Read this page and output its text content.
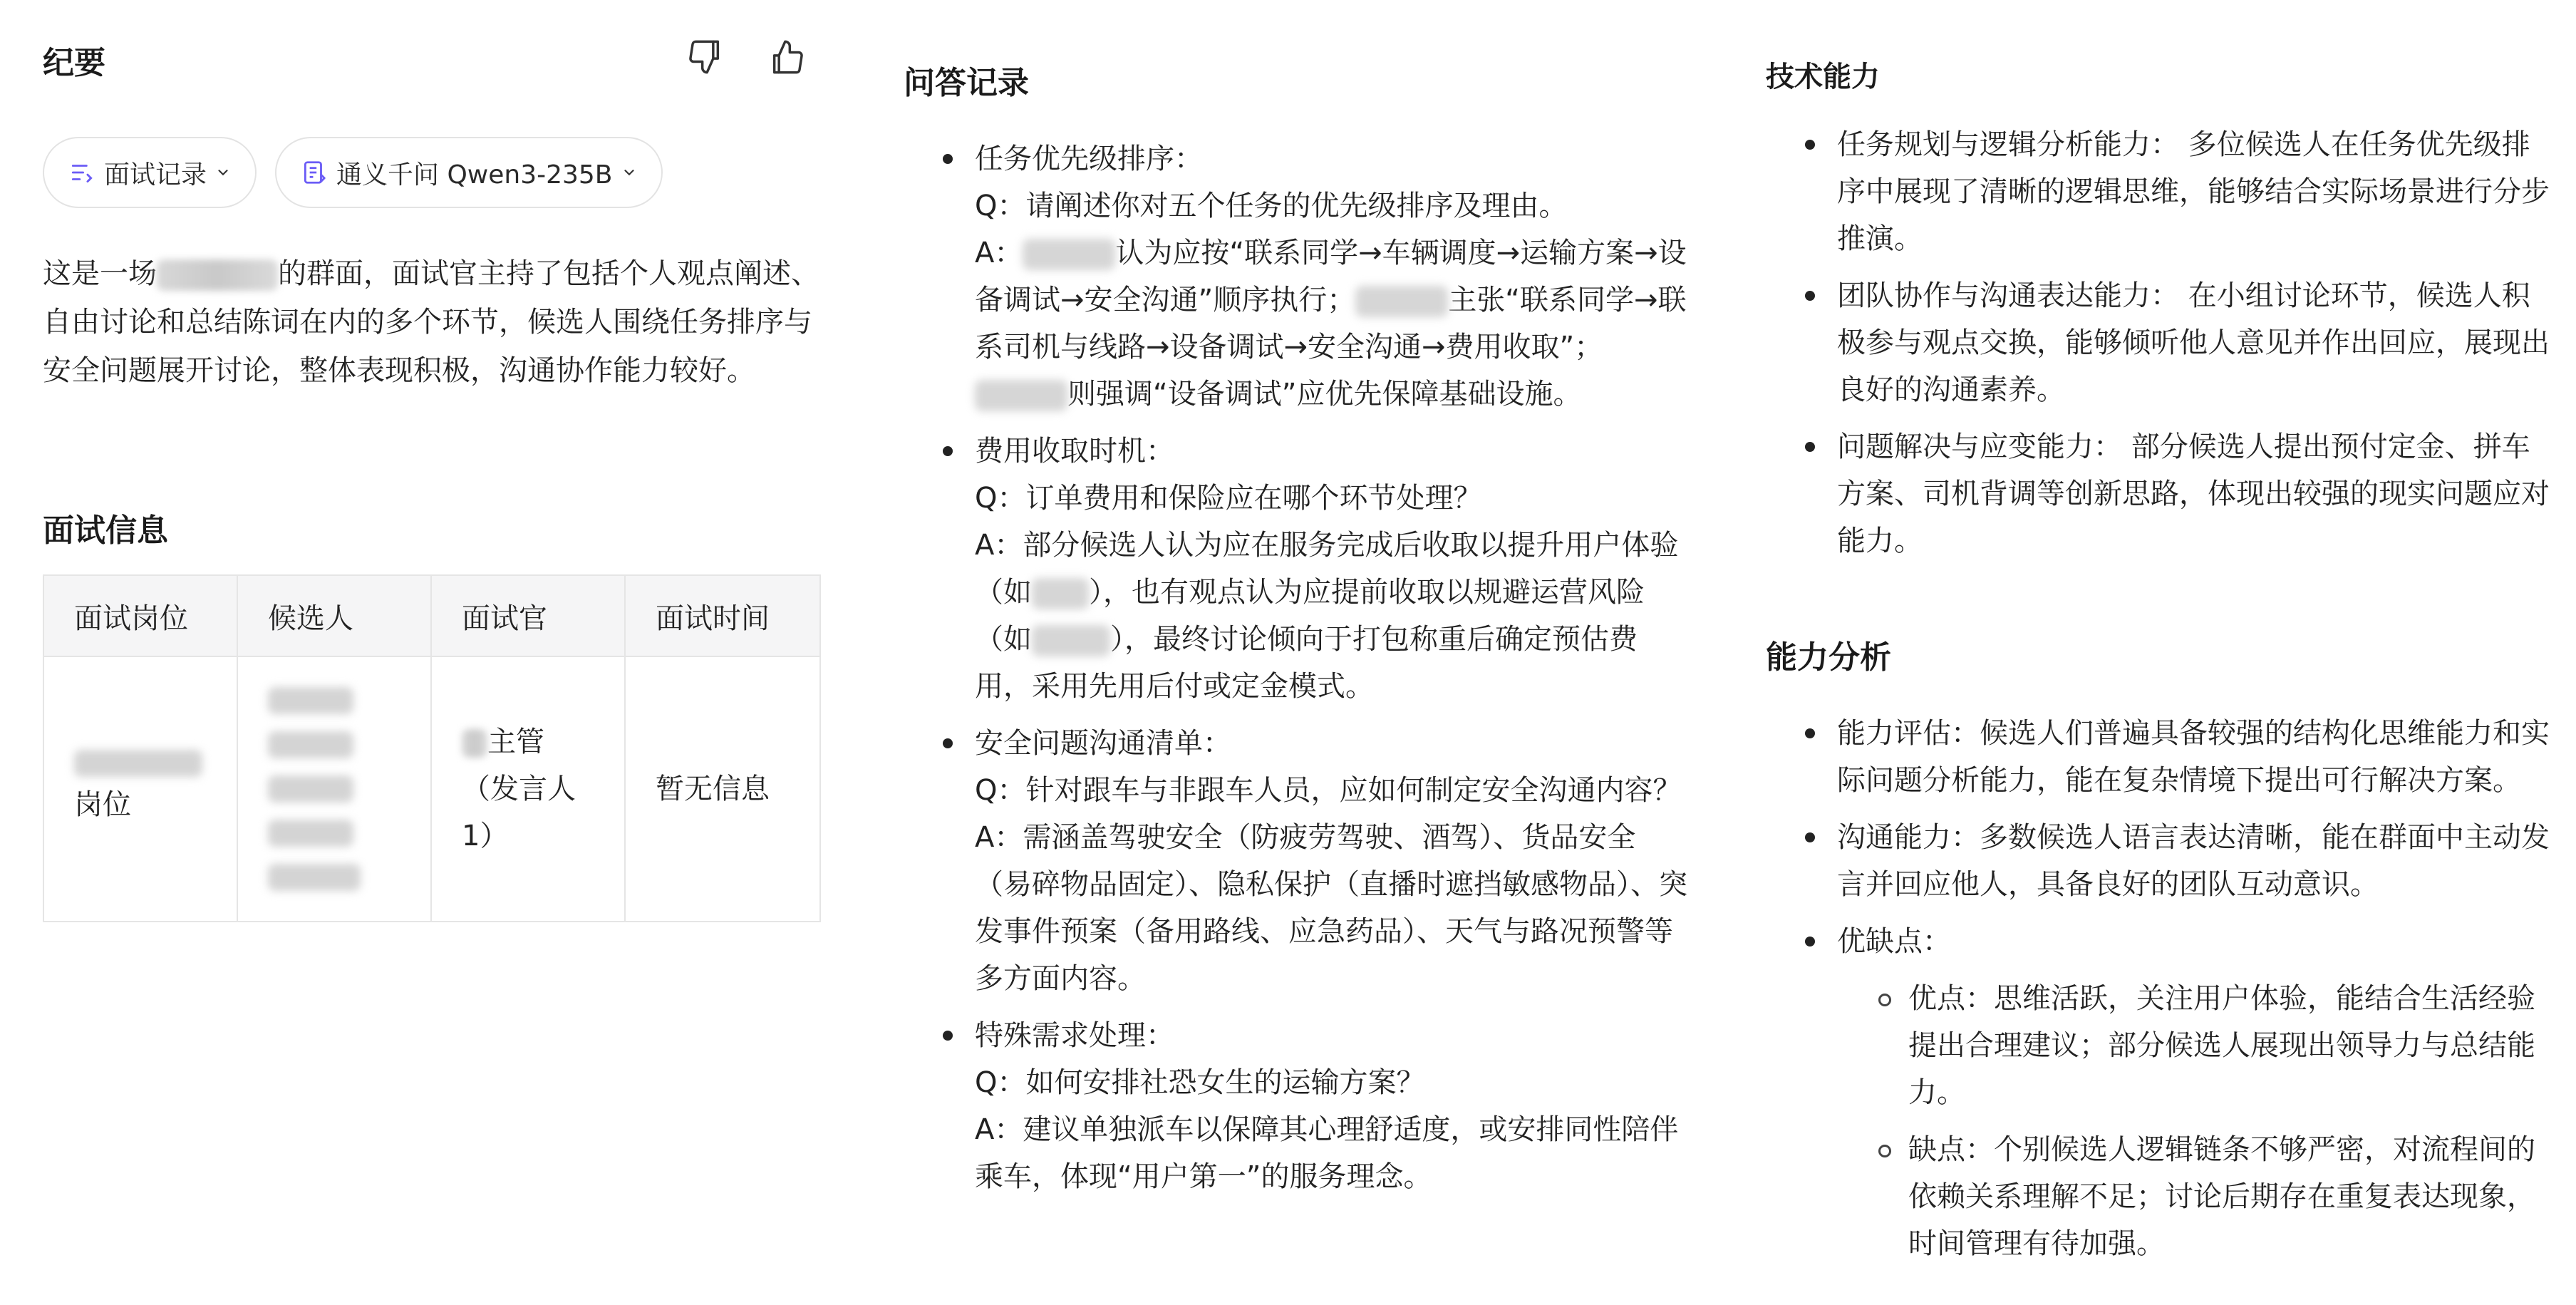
纪要
面试记录	通义千问 Qwen3-235B
这是一场	的群面，面试官主持了包括个人观点阐述、自由讨论和总结陈词在内的多个环节，候选人围绕任务排序与安全问题展开讨论，整体表现积极，沟通协作能力较好。
面试信息
面试岗位	候选人	面试官	面试时间

岗位		主管（发言人1）	暂无信息
问答记录
任务优先级排序：
Q：请阐述你对五个任务的优先级排序及理由。
A：	认为应按“联系同学→车辆调度→运输方案→设备调试→安全沟通”顺序执行；	主张“联系同学→联系司机与线路→设备调试→安全沟通→费用收取”；则强调“设备调试”应优先保障基础设施。
费用收取时机：
Q：订单费用和保险应在哪个环节处理？
A：部分候选人认为应在服务完成后收取以提升用户体验（如 ），也有观点认为应提前收取以规避运营风险（如	），最终讨论倾向于打包称重后确定预估费用，采用先用后付或定金模式。
安全问题沟通清单：
Q：针对跟车与非跟车人员，应如何制定安全沟通内容？
A：需涵盖驾驶安全（防疲劳驾驶、酒驾）、货品安全（易碎物品固定）、隐私保护（直播时遮挡敏感物品）、突发事件预案（备用路线、应急药品）、天气与路况预警等多方面内容。
特殊需求处理：
Q：如何安排社恐女生的运输方案？
A：建议单独派车以保障其心理舒适度，或安排同性陪伴乘车，体现“用户第一”的服务理念。
技术能力
任务规划与逻辑分析能力： 多位候选人在任务优先级排序中展现了清晰的逻辑思维，能够结合实际场景进行分步推演。
团队协作与沟通表达能力： 在小组讨论环节，候选人积极参与观点交换，能够倾听他人意见并作出回应，展现出良好的沟通素养。
问题解决与应变能力： 部分候选人提出预付定金、拼车方案、司机背调等创新思路，体现出较强的现实问题应对能力。
能力分析
能力评估：候选人们普遍具备较强的结构化思维能力和实际问题分析能力，能在复杂情境下提出可行解决方案。
沟通能力：多数候选人语言表达清晰，能在群面中主动发言并回应他人，具备良好的团队互动意识。
优缺点：
优点：思维活跃，关注用户体验，能结合生活经验提出合理建议；部分候选人展现出领导力与总结能力。
缺点：个别候选人逻辑链条不够严密，对流程间的依赖关系理解不足；讨论后期存在重复表达现象，时间管理有待加强。
